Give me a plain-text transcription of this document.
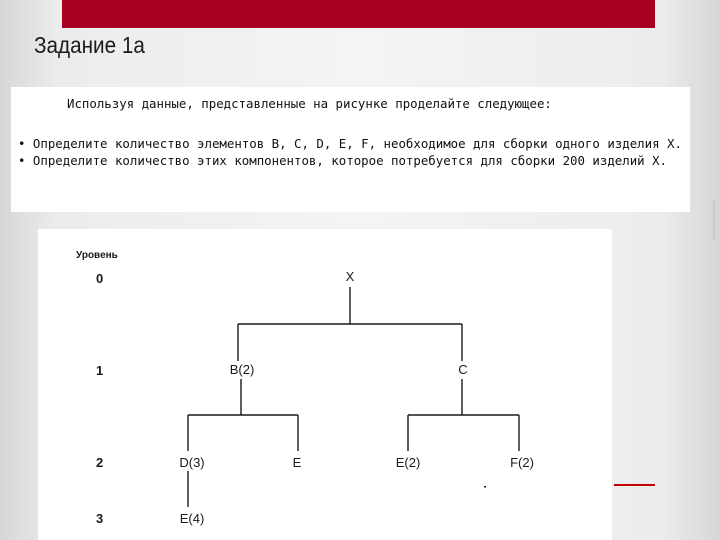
Задание 1а
Используя данные, представленные на рисунке проделайте следующее:

• Определите количество элементов B, C, D, E, F, необходимое для сборки одного изделия Х.

• Определите количество этих компонентов, которое потребуется для сборки 200 изделий Х.

Уровень
0
1
2
3
X
B(2)	C
D(3)	E	E(2)	F(2)
E(4)
